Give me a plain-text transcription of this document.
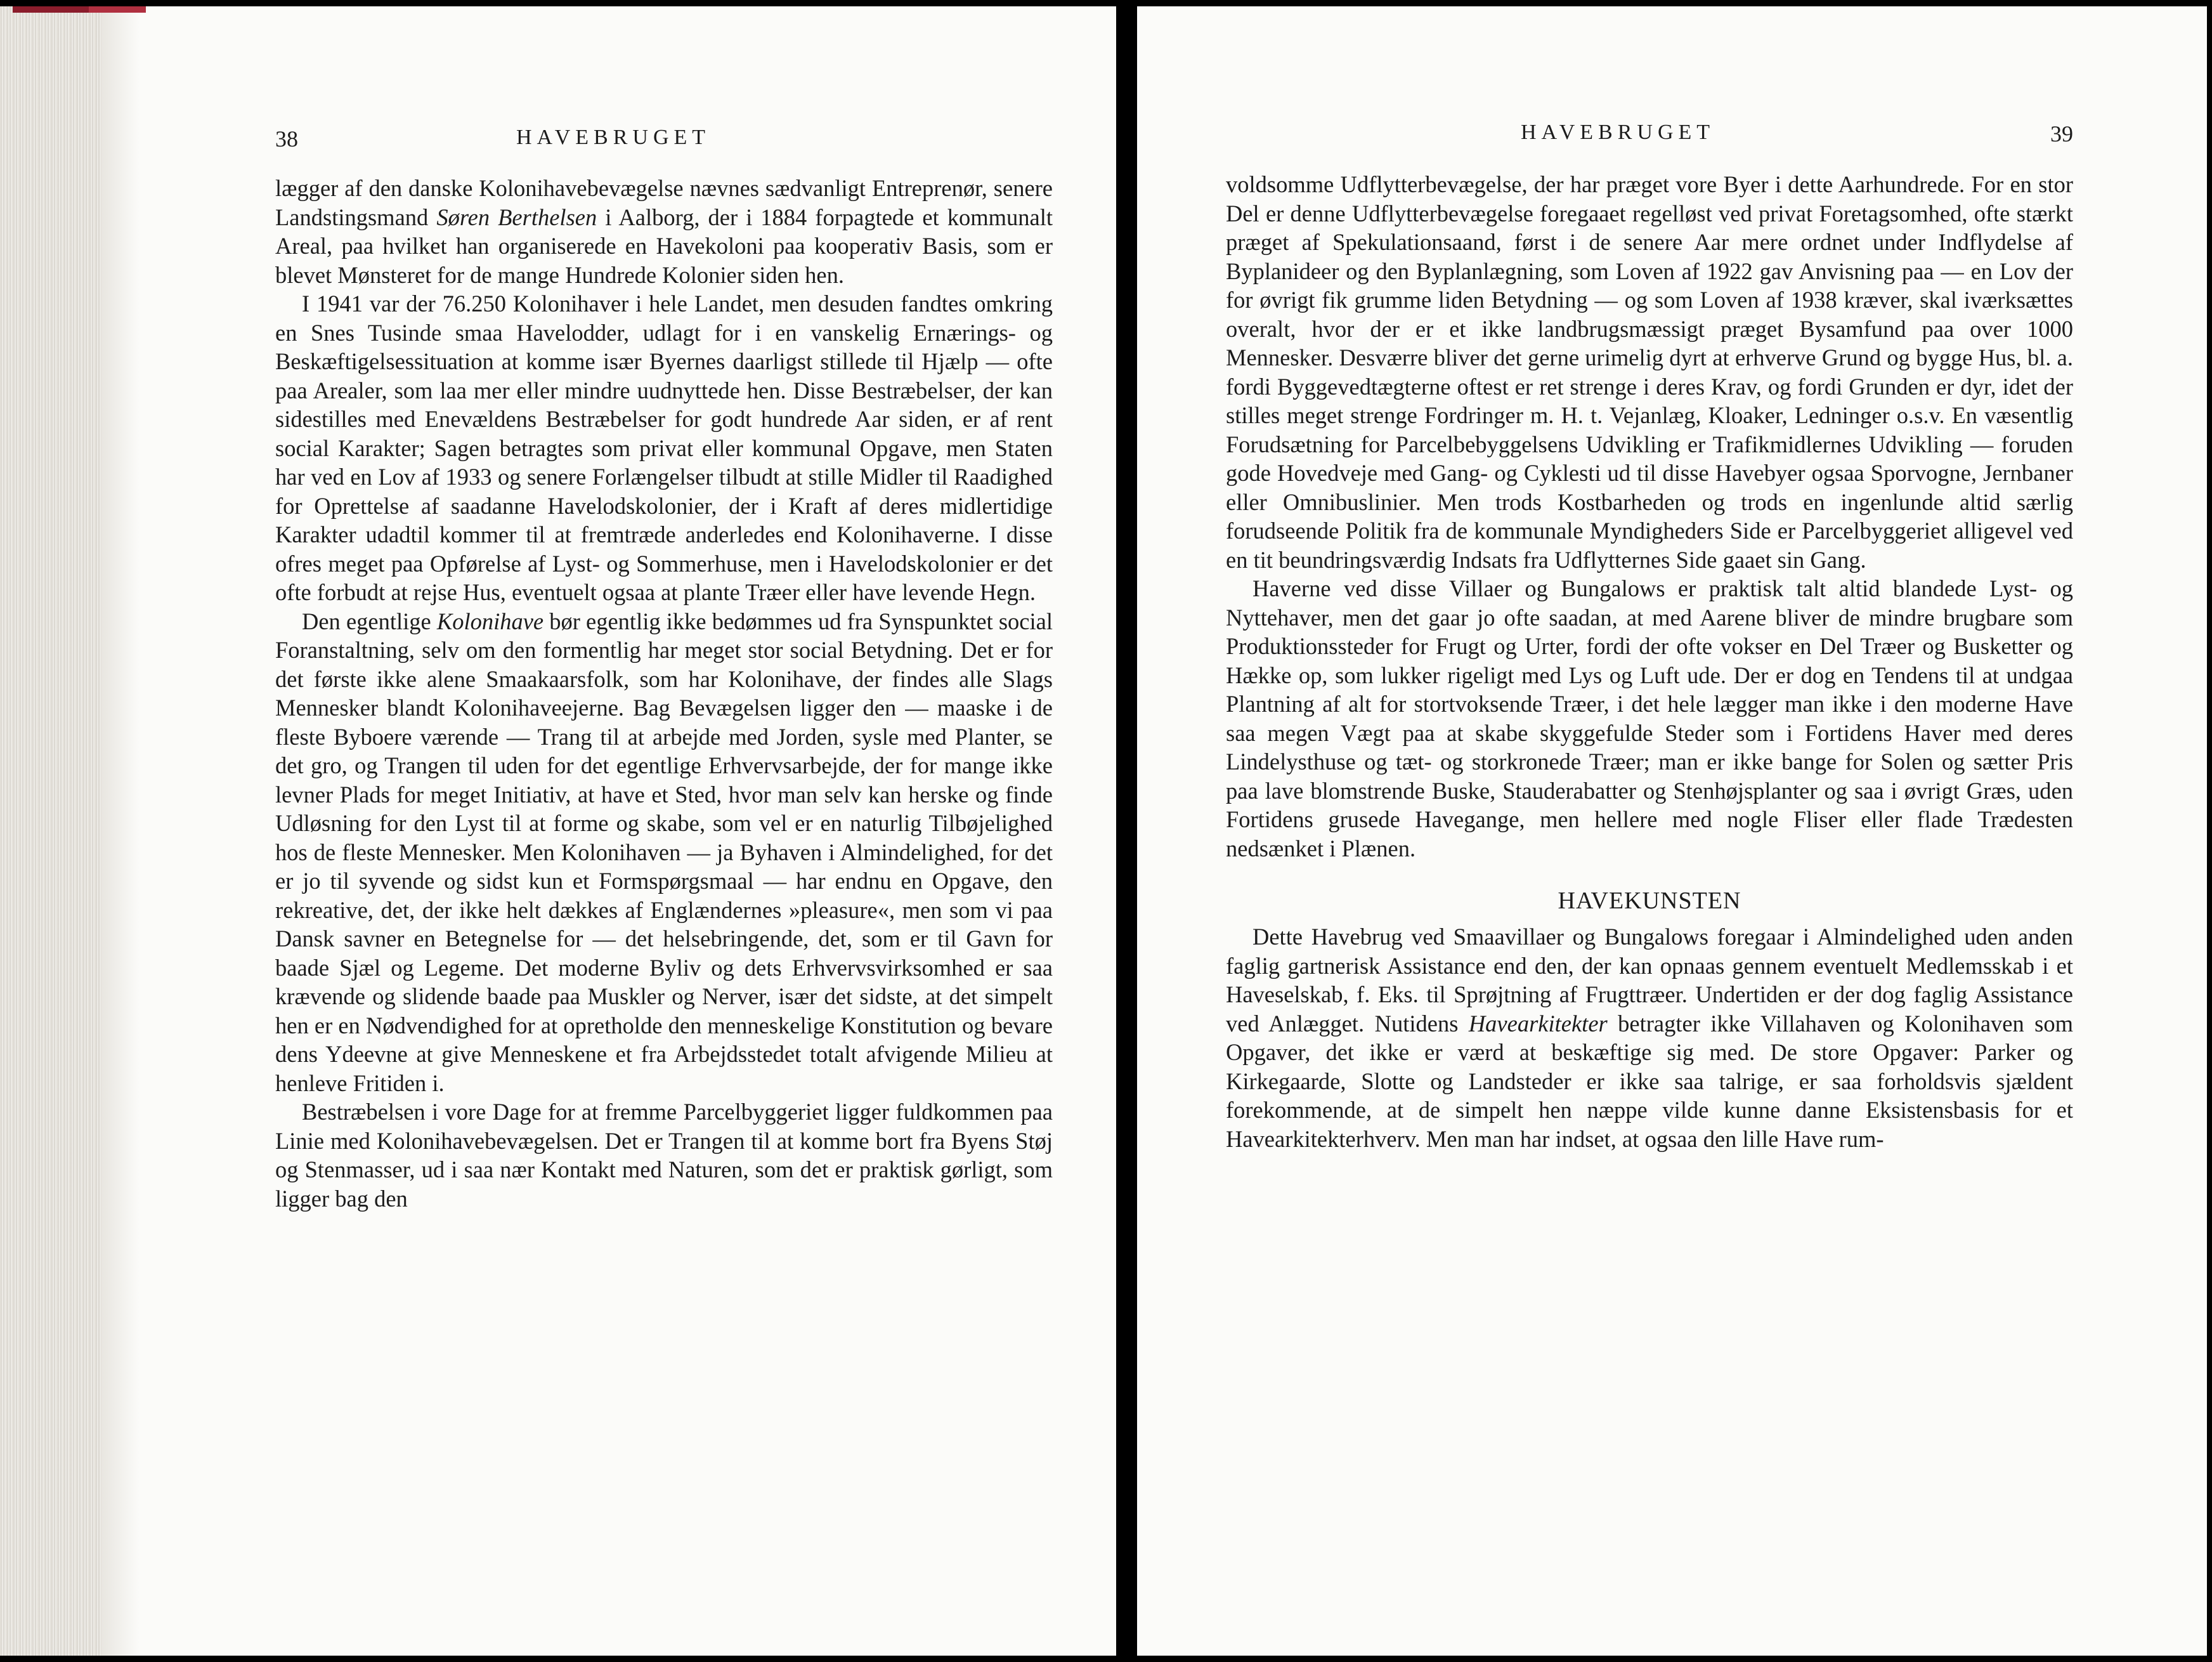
38	HAVEBRUGET

lægger af den danske Kolonihavebevægelse nævnes sædvanligt Entreprenør, senere Landstingsmand Søren Berthelsen i Aalborg, der i 1884 forpagtede et kommunalt Areal, paa hvilket han organiserede en Havekoloni paa kooperativ Basis, som er blevet Mønsteret for de mange Hundrede Kolonier siden hen.

I 1941 var der 76.250 Kolonihaver i hele Landet, men desuden fandtes omkring en Snes Tusinde smaa Havelodder, udlagt for i en vanskelig Ernærings- og Beskæftigelsessituation at komme især Byernes daarligst stillede til Hjælp — ofte paa Arealer, som laa mer eller mindre uudnyttede hen. Disse Bestræbelser, der kan sidestilles med Enevældens Bestræbelser for godt hundrede Aar siden, er af rent social Karakter; Sagen betragtes som privat eller kommunal Opgave, men Staten har ved en Lov af 1933 og senere Forlængelser tilbudt at stille Midler til Raadighed for Oprettelse af saadanne Havelodskolonier, der i Kraft af deres midlertidige Karakter udadtil kommer til at fremtræde anderledes end Kolonihaverne. I disse ofres meget paa Opførelse af Lyst- og Sommerhuse, men i Havelodskolonier er det ofte forbudt at rejse Hus, eventuelt ogsaa at plante Træer eller have levende Hegn.

Den egentlige Kolonihave bør egentlig ikke bedømmes ud fra Synspunktet social Foranstaltning, selv om den formentlig har meget stor social Betydning. Det er for det første ikke alene Smaakaarsfolk, som har Kolonihave, der findes alle Slags Mennesker blandt Kolonihaveejerne. Bag Bevægelsen ligger den — maaske i de fleste Byboere værende — Trang til at arbejde med Jorden, sysle med Planter, se det gro, og Trangen til uden for det egentlige Erhvervsarbejde, der for mange ikke levner Plads for meget Initiativ, at have et Sted, hvor man selv kan herske og finde Udløsning for den Lyst til at forme og skabe, som vel er en naturlig Tilbøjelighed hos de fleste Mennesker. Men Kolonihaven — ja Byhaven i Almindelighed, for det er jo til syvende og sidst kun et Formspørgsmaal — har endnu en Opgave, den rekreative, det, der ikke helt dækkes af Englændernes »pleasure«, men som vi paa Dansk savner en Betegnelse for — det helsebringende, det, som er til Gavn for baade Sjæl og Legeme. Det moderne Byliv og dets Erhvervsvirksomhed er saa krævende og slidende baade paa Muskler og Nerver, især det sidste, at det simpelt hen er en Nødvendighed for at opretholde den menneskelige Konstitution og bevare dens Ydeevne at give Menneskene et fra Arbejdsstedet totalt afvigende Milieu at henleve Fritiden i.

Bestræbelsen i vore Dage for at fremme Parcelbyggeriet ligger fuldkommen paa Linie med Kolonihavebevægelsen. Det er Trangen til at komme bort fra Byens Støj og Stenmasser, ud i saa nær Kontakt med Naturen, som det er praktisk gørligt, som ligger bag den

HAVEBRUGET	39

voldsomme Udflytterbevægelse, der har præget vore Byer i dette Aarhundrede. For en stor Del er denne Udflytterbevægelse foregaaet regelløst ved privat Foretagsomhed, ofte stærkt præget af Spekulationsaand, først i de senere Aar mere ordnet under Indflydelse af Byplanideer og den Byplanlægning, som Loven af 1922 gav Anvisning paa — en Lov der for øvrigt fik grumme liden Betydning — og som Loven af 1938 kræver, skal iværksættes overalt, hvor der er et ikke landbrugsmæssigt præget Bysamfund paa over 1000 Mennesker. Desværre bliver det gerne urimelig dyrt at erhverve Grund og bygge Hus, bl. a. fordi Byggevedtægterne oftest er ret strenge i deres Krav, og fordi Grunden er dyr, idet der stilles meget strenge Fordringer m. H. t. Vejanlæg, Kloaker, Ledninger o.s.v. En væsentlig Forudsætning for Parcelbebyggelsens Udvikling er Trafikmidlernes Udvikling — foruden gode Hovedveje med Gang- og Cyklesti ud til disse Havebyer ogsaa Sporvogne, Jernbaner eller Omnibuslinier. Men trods Kostbarheden og trods en ingenlunde altid særlig forudseende Politik fra de kommunale Myndigheders Side er Parcelbyggeriet alligevel ved en tit beundringsværdig Indsats fra Udflytternes Side gaaet sin Gang.

Haverne ved disse Villaer og Bungalows er praktisk talt altid blandede Lyst- og Nyttehaver, men det gaar jo ofte saadan, at med Aarene bliver de mindre brugbare som Produktionssteder for Frugt og Urter, fordi der ofte vokser en Del Træer og Busketter og Hække op, som lukker rigeligt med Lys og Luft ude. Der er dog en Tendens til at undgaa Plantning af alt for stortvoksende Træer, i det hele lægger man ikke i den moderne Have saa megen Vægt paa at skabe skyggefulde Steder som i Fortidens Haver med deres Lindelysthuse og tæt- og storkronede Træer; man er ikke bange for Solen og sætter Pris paa lave blomstrende Buske, Stauderabatter og Stenhøjsplanter og saa i øvrigt Græs, uden Fortidens grusede Havegange, men hellere med nogle Fliser eller flade Trædesten nedsænket i Plænen.

HAVEKUNSTEN

Dette Havebrug ved Smaavillaer og Bungalows foregaar i Almindelighed uden anden faglig gartnerisk Assistance end den, der kan opnaas gennem eventuelt Medlemsskab i et Haveselskab, f. Eks. til Sprøjtning af Frugttræer. Undertiden er der dog faglig Assistance ved Anlægget. Nutidens Havearkitekter betragter ikke Villahaven og Kolonihaven som Opgaver, det ikke er værd at beskæftige sig med. De store Opgaver: Parker og Kirkegaarde, Slotte og Landsteder er ikke saa talrige, er saa forholdsvis sjældent forekommende, at de simpelt hen næppe vilde kunne danne Eksistensbasis for et Havearkitekterhverv. Men man har indset, at ogsaa den lille Have rum-
